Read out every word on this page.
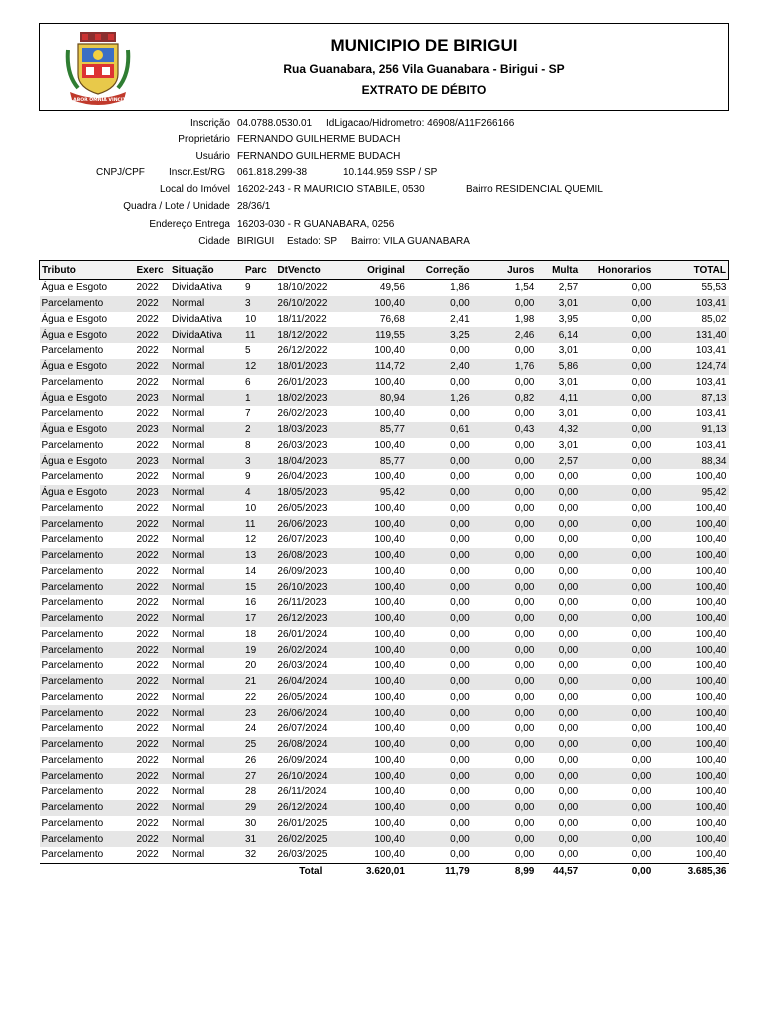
LABOR OMNIA VINCIT
MUNICIPIO DE BIRIGUI
Rua Guanabara, 256 Vila Guanabara - Birigui - SP
EXTRATO DE DÉBITO
Inscrição 04.0788.0530.01 IdLigacao/Hidrometro: 46908/A11F266166
Proprietário FERNANDO GUILHERME BUDACH
Usuário FERNANDO GUILHERME BUDACH
CNPJ/CPF Inscr.Est/RG 061.818.299-38	10.144.959 SSP / SP
Local do Imóvel 16202-243 - R MAURICIO STABILE, 0530	Bairro RESIDENCIAL QUEMIL
Quadra / Lote / Unidade 28/36/1
Endereço Entrega 16203-030 - R GUANABARA, 0256
Cidade BIRIGUI Estado: SP Bairro: VILA GUANABARA
Tributo	Exerc	Situação	Parc	DtVencto	Original	Correção	Juros	Multa	Honorarios	TOTAL
Água e Esgoto	2022	DividaAtiva	9	18/10/2022	49,56	1,86	1,54	2,57	0,00	55,53
Parcelamento	2022	Normal	3	26/10/2022	100,40	0,00	0,00	3,01	0,00	103,41
Água e Esgoto	2022	DividaAtiva	10	18/11/2022	76,68	2,41	1,98	3,95	0,00	85,02
Água e Esgoto	2022	DividaAtiva	11	18/12/2022	119,55	3,25	2,46	6,14	0,00	131,40
Parcelamento	2022	Normal	5	26/12/2022	100,40	0,00	0,00	3,01	0,00	103,41
Água e Esgoto	2022	Normal	12	18/01/2023	114,72	2,40	1,76	5,86	0,00	124,74
Parcelamento	2022	Normal	6	26/01/2023	100,40	0,00	0,00	3,01	0,00	103,41
Água e Esgoto	2023	Normal	1	18/02/2023	80,94	1,26	0,82	4,11	0,00	87,13
Parcelamento	2022	Normal	7	26/02/2023	100,40	0,00	0,00	3,01	0,00	103,41
Água e Esgoto	2023	Normal	2	18/03/2023	85,77	0,61	0,43	4,32	0,00	91,13
Parcelamento	2022	Normal	8	26/03/2023	100,40	0,00	0,00	3,01	0,00	103,41
Água e Esgoto	2023	Normal	3	18/04/2023	85,77	0,00	0,00	2,57	0,00	88,34
Parcelamento	2022	Normal	9	26/04/2023	100,40	0,00	0,00	0,00	0,00	100,40
Água e Esgoto	2023	Normal	4	18/05/2023	95,42	0,00	0,00	0,00	0,00	95,42
Parcelamento	2022	Normal	10	26/05/2023	100,40	0,00	0,00	0,00	0,00	100,40
Parcelamento	2022	Normal	11	26/06/2023	100,40	0,00	0,00	0,00	0,00	100,40
Parcelamento	2022	Normal	12	26/07/2023	100,40	0,00	0,00	0,00	0,00	100,40
Parcelamento	2022	Normal	13	26/08/2023	100,40	0,00	0,00	0,00	0,00	100,40
Parcelamento	2022	Normal	14	26/09/2023	100,40	0,00	0,00	0,00	0,00	100,40
Parcelamento	2022	Normal	15	26/10/2023	100,40	0,00	0,00	0,00	0,00	100,40
Parcelamento	2022	Normal	16	26/11/2023	100,40	0,00	0,00	0,00	0,00	100,40
Parcelamento	2022	Normal	17	26/12/2023	100,40	0,00	0,00	0,00	0,00	100,40
Parcelamento	2022	Normal	18	26/01/2024	100,40	0,00	0,00	0,00	0,00	100,40
Parcelamento	2022	Normal	19	26/02/2024	100,40	0,00	0,00	0,00	0,00	100,40
Parcelamento	2022	Normal	20	26/03/2024	100,40	0,00	0,00	0,00	0,00	100,40
Parcelamento	2022	Normal	21	26/04/2024	100,40	0,00	0,00	0,00	0,00	100,40
Parcelamento	2022	Normal	22	26/05/2024	100,40	0,00	0,00	0,00	0,00	100,40
Parcelamento	2022	Normal	23	26/06/2024	100,40	0,00	0,00	0,00	0,00	100,40
Parcelamento	2022	Normal	24	26/07/2024	100,40	0,00	0,00	0,00	0,00	100,40
Parcelamento	2022	Normal	25	26/08/2024	100,40	0,00	0,00	0,00	0,00	100,40
Parcelamento	2022	Normal	26	26/09/2024	100,40	0,00	0,00	0,00	0,00	100,40
Parcelamento	2022	Normal	27	26/10/2024	100,40	0,00	0,00	0,00	0,00	100,40
Parcelamento	2022	Normal	28	26/11/2024	100,40	0,00	0,00	0,00	0,00	100,40
Parcelamento	2022	Normal	29	26/12/2024	100,40	0,00	0,00	0,00	0,00	100,40
Parcelamento	2022	Normal	30	26/01/2025	100,40	0,00	0,00	0,00	0,00	100,40
Parcelamento	2022	Normal	31	26/02/2025	100,40	0,00	0,00	0,00	0,00	100,40
Parcelamento	2022	Normal	32	26/03/2025	100,40	0,00	0,00	0,00	0,00	100,40
Total					3.620,01	11,79	8,99	44,57	0,00	3.685,36
